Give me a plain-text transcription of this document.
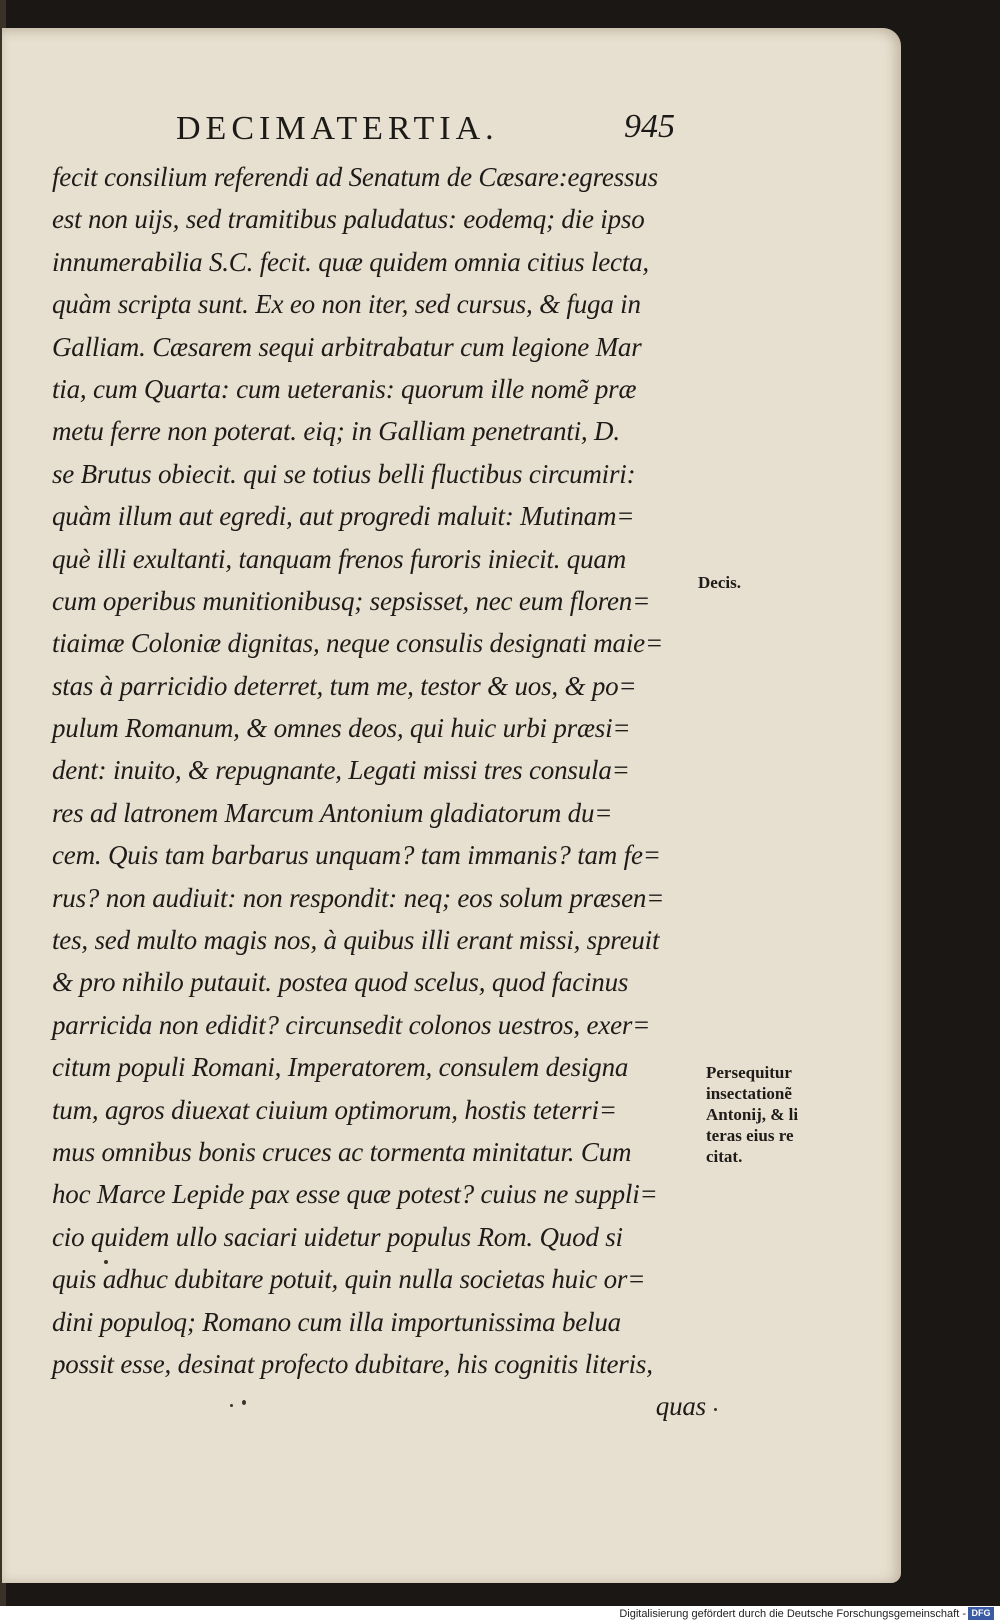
DECIMATERTIA.	945
fecit consilium referendi ad Senatum de Cæsare:egressus
est non uijs, sed tramitibus paludatus: eodemq; die ipso
innumerabilia S.C. fecit. quæ quidem omnia citius lecta,
quàm scripta sunt. Ex eo non iter, sed cursus, & fuga in
Galliam. Cæsarem sequi arbitrabatur cum legione Mar
tia, cum Quarta: cum ueteranis: quorum ille nomẽ præ
metu ferre non poterat. eiq; in Galliam penetranti, D.
se Brutus obiecit. qui se totius belli fluctibus circumiri:
quàm illum aut egredi, aut progredi maluit: Mutinam=
què illi exultanti, tanquam frenos furoris iniecit. quam
cum operibus munitionibusq; sepsisset, nec eum floren=
tiaimæ Coloniæ dignitas, neque consulis designati maie=
stas à parricidio deterret, tum me, testor & uos, & po=
pulum Romanum, & omnes deos, qui huic urbi præsi=
dent: inuito, & repugnante, Legati missi tres consula=
res ad latronem Marcum Antonium gladiatorum du=
cem. Quis tam barbarus unquam? tam immanis? tam fe=
rus? non audiuit: non respondit: neq; eos solum præsen=
tes, sed multo magis nos, à quibus illi erant missi, spreuit
& pro nihilo putauit. postea quod scelus, quod facinus
parricida non edidit? circunsedit colonos uestros, exer=
citum populi Romani, Imperatorem, consulem designa
tum, agros diuexat ciuium optimorum, hostis teterri=
mus omnibus bonis cruces ac tormenta minitatur. Cum
hoc Marce Lepide pax esse quæ potest? cuius ne suppli=
cio quidem ullo saciari uidetur populus Rom. Quod si
quis adhuc dubitare potuit, quin nulla societas huic or=
dini populoq; Romano cum illa importunissima belua
possit esse, desinat profecto dubitare, his cognitis literis,
quas
Decis.
Persequitur
insectationẽ
Antonij, & li
teras eius re
citat.
Digitalisierung gefördert durch die Deutsche Forschungsgemeinschaft - DFG
